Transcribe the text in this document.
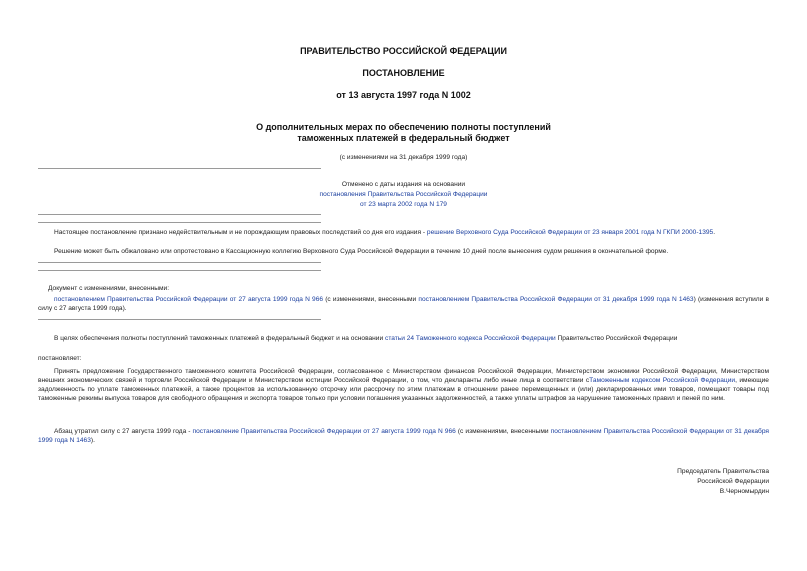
ПРАВИТЕЛЬСТВО РОССИЙСКОЙ ФЕДЕРАЦИИ
ПОСТАНОВЛЕНИЕ
от 13 августа 1997 года N 1002
О дополнительных мерах по обеспечению полноты поступлений
таможенных платежей в федеральный бюджет
(с изменениями на 31 декабря 1999 года)
Отменено с даты издания на основании
постановления Правительства Российской Федерации
от 23 марта 2002 года N 179
Настоящее постановление признано недействительным и не порождающим правовых последствий со дня его издания - решение Верховного Суда Российской Федерации от 23 января 2001 года N ГКПИ 2000-1395.
Решение может быть обжаловано или опротестовано в Кассационную коллегию Верховного Суда Российской Федерации в течение 10 дней после вынесения судом решения в окончательной форме.
Документ с изменениями, внесенными:
постановлением Правительства Российской Федерации от 27 августа 1999 года N 966 (с изменениями, внесенными постановлением Правительства Российской Федерации от 31 декабря 1999 года N 1463) (изменения вступили в силу с 27 августа 1999 года).
В целях обеспечения полноты поступлений таможенных платежей в федеральный бюджет и на основании статьи 24 Таможенного кодекса Российской Федерации Правительство Российской Федерации
постановляет:
Принять предложение Государственного таможенного комитета Российской Федерации, согласованное с Министерством финансов Российской Федерации, Министерством экономики Российской Федерации, Министерством внешних экономических связей и торговли Российской Федерации и Министерством юстиции Российской Федерации, о том, что декларанты либо иные лица в соответствии сТаможенным кодексом Российской Федерации, имеющие задолженность по уплате таможенных платежей, а также процентов за использованную отсрочку или рассрочку по этим платежам в отношении ранее перемещенных и (или) декларированных ими товаров, помещают товары под таможенные режимы выпуска товаров для свободного обращения и экспорта товаров только при условии погашения указанных задолженностей, а также уплаты штрафов за нарушение таможенных правил и пеней по ним.
Абзац утратил силу с 27 августа 1999 года - постановление Правительства Российской Федерации от 27 августа 1999 года N 966 (с изменениями, внесенными постановлением Правительства Российской Федерации от 31 декабря 1999 года N 1463).
Председатель Правительства
Российской Федерации
В.Черномырдин
